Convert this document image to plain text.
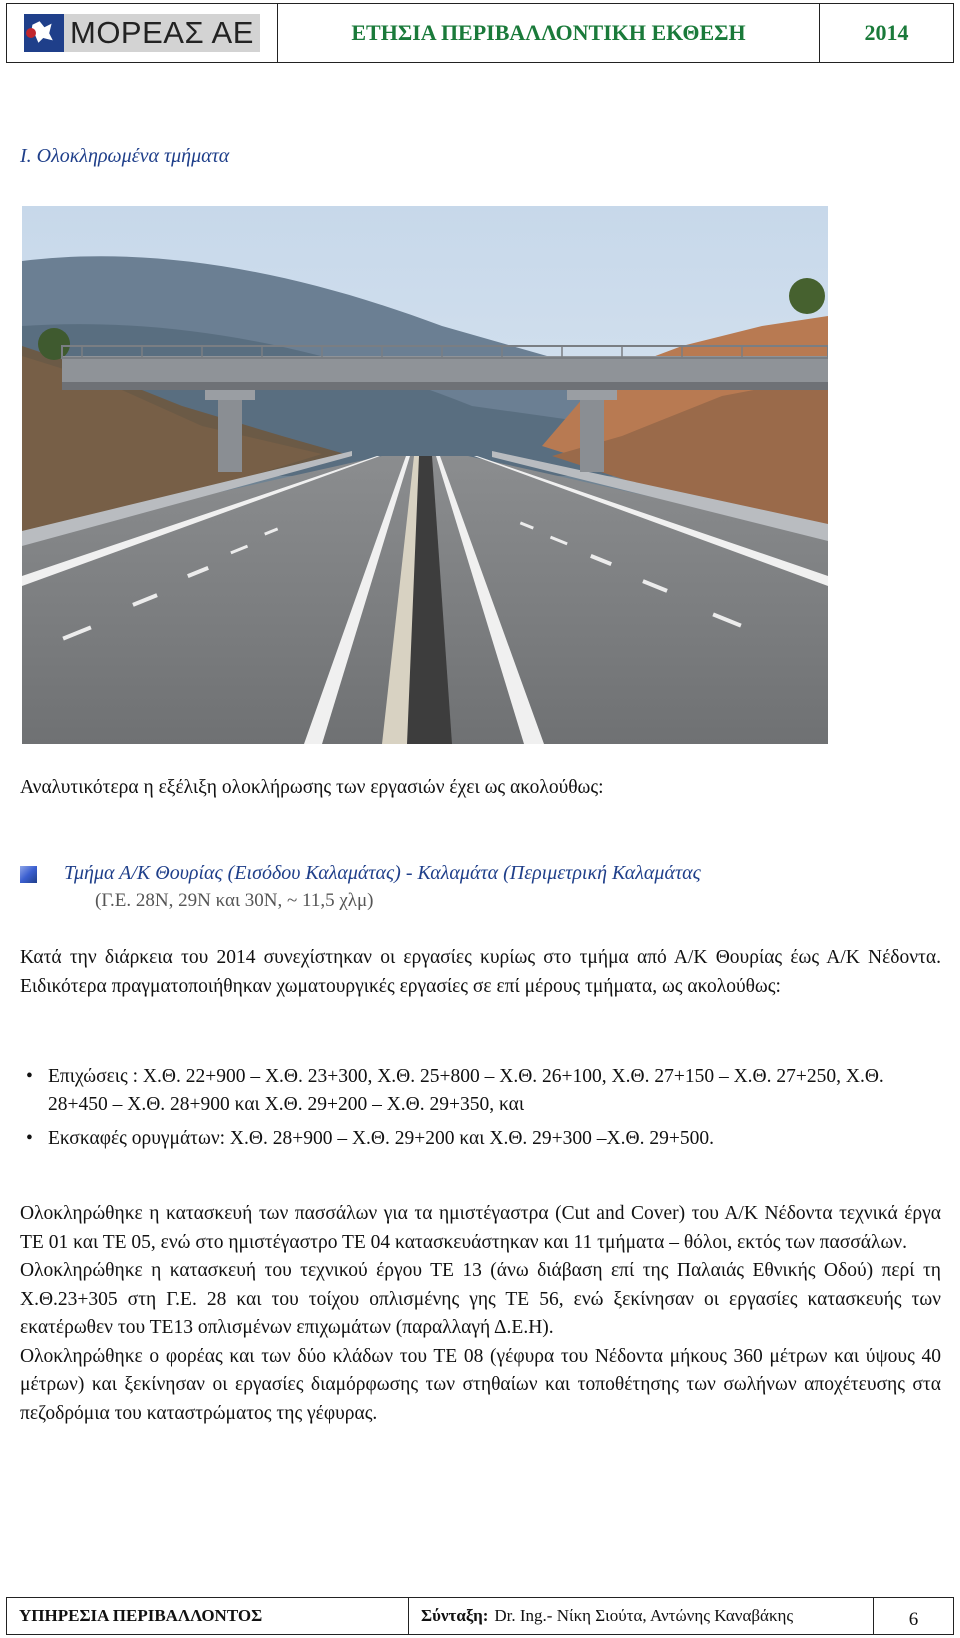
ΜΟΡΕΑΣ ΑΕ	ΕΤΗΣΙΑ ΠΕΡΙΒΑΛΛΟΝΤΙΚΗ ΕΚΘΕΣΗ	2014
I. Ολοκληρωμένα τμήματα
Αναλυτικότερα η εξέλιξη ολοκλήρωσης των εργασιών έχει ως ακολούθως:
Τμήμα Α/Κ Θουρίας (Εισόδου Καλαμάτας) - Καλαμάτα (Περιμετρική Καλαμάτας
(Γ.Ε. 28Ν, 29Ν και 30Ν, ~ 11,5 χλμ)
Κατά την διάρκεια του 2014 συνεχίστηκαν οι εργασίες κυρίως στο τμήμα από Α/Κ Θουρίας έως Α/Κ Νέδοντα. Ειδικότερα πραγματοποιήθηκαν χωματουργικές εργασίες σε επί μέρους τμήματα, ως ακολούθως:
• Επιχώσεις : Χ.Θ. 22+900 – Χ.Θ. 23+300, Χ.Θ. 25+800 – Χ.Θ. 26+100, Χ.Θ. 27+150 – Χ.Θ. 27+250, Χ.Θ. 28+450 – Χ.Θ. 28+900 και Χ.Θ. 29+200 – Χ.Θ. 29+350, και
• Εκσκαφές ορυγμάτων: Χ.Θ. 28+900 – Χ.Θ. 29+200 και Χ.Θ. 29+300 –Χ.Θ. 29+500.
Ολοκληρώθηκε η κατασκευή των πασσάλων για τα ημιστέγαστρα (Cut and Cover) του Α/Κ Νέδοντα τεχνικά έργα ΤΕ 01 και ΤΕ 05, ενώ στο ημιστέγαστρο ΤΕ 04 κατασκευάστηκαν και 11 τμήματα – θόλοι, εκτός των πασσάλων.
Ολοκληρώθηκε η κατασκευή του τεχνικού έργου ΤΕ 13 (άνω διάβαση επί της Παλαιάς Εθνικής Οδού) περί τη Χ.Θ.23+305 στη Γ.Ε. 28 και του τοίχου οπλισμένης γης ΤΕ 56, ενώ ξεκίνησαν οι εργασίες κατασκευής των εκατέρωθεν του ΤΕ13 οπλισμένων επιχωμάτων (παραλλαγή Δ.Ε.Η).
Ολοκληρώθηκε ο φορέας και των δύο κλάδων του ΤΕ 08 (γέφυρα του Νέδοντα μήκους 360 μέτρων και ύψους 40 μέτρων) και ξεκίνησαν οι εργασίες διαμόρφωσης των στηθαίων και τοποθέτησης των σωλήνων αποχέτευσης στα πεζοδρόμια του καταστρώματος της γέφυρας.
ΥΠΗΡΕΣΙΑ ΠΕΡΙΒΑΛΛΟΝΤΟΣ	Σύνταξη: Dr. Ing.- Νίκη Σιούτα, Αντώνης Καναβάκης	6
